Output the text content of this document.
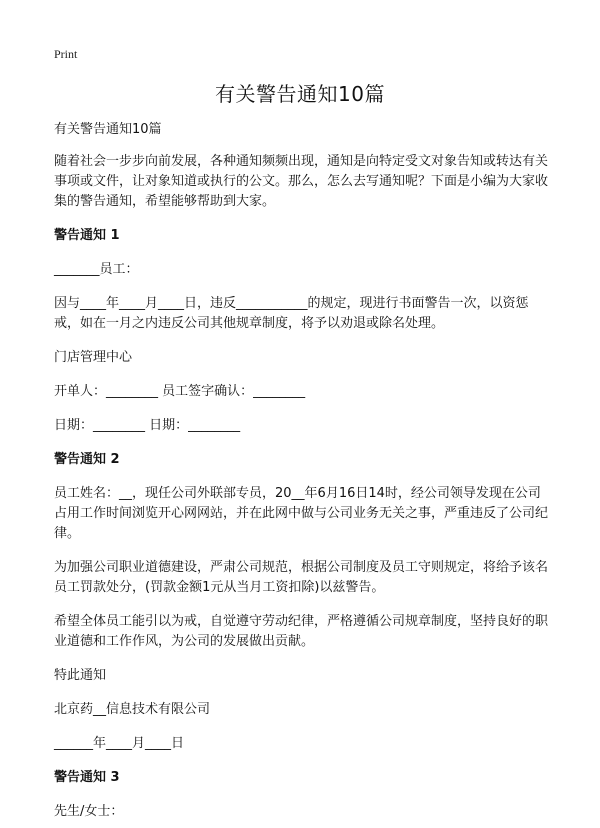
Print
有关警告通知10篇

有关警告通知10篇

随着社会一步步向前发展，各种通知频频出现，通知是向特定受文对象告知或转达有关事项或文件，让对象知道或执行的公文。那么，怎么去写通知呢？下面是小编为大家收集的警告通知，希望能够帮助到大家。

警告通知 1

_______员工：

因与____年____月____日，违反___________的规定，现进行书面警告一次，以资惩戒，如在一月之内违反公司其他规章制度，将予以劝退或除名处理。

门店管理中心

开单人：________ 员工签字确认：________

日期：________ 日期：________

警告通知 2

员工姓名：__，现任公司外联部专员，20__年6月16日14时，经公司领导发现在公司占用工作时间浏览开心网网站，并在此网中做与公司业务无关之事，严重违反了公司纪律。

为加强公司职业道德建设，严肃公司规范，根据公司制度及员工守则规定，将给予该名员工罚款处分，(罚款金额1元从当月工资扣除)以兹警告。

希望全体员工能引以为戒，自觉遵守劳动纪律，严格遵循公司规章制度，坚持良好的职业道德和工作作风，为公司的发展做出贡献。

特此通知

北京药__信息技术有限公司

______年____月____日

警告通知 3

先生/女士：
